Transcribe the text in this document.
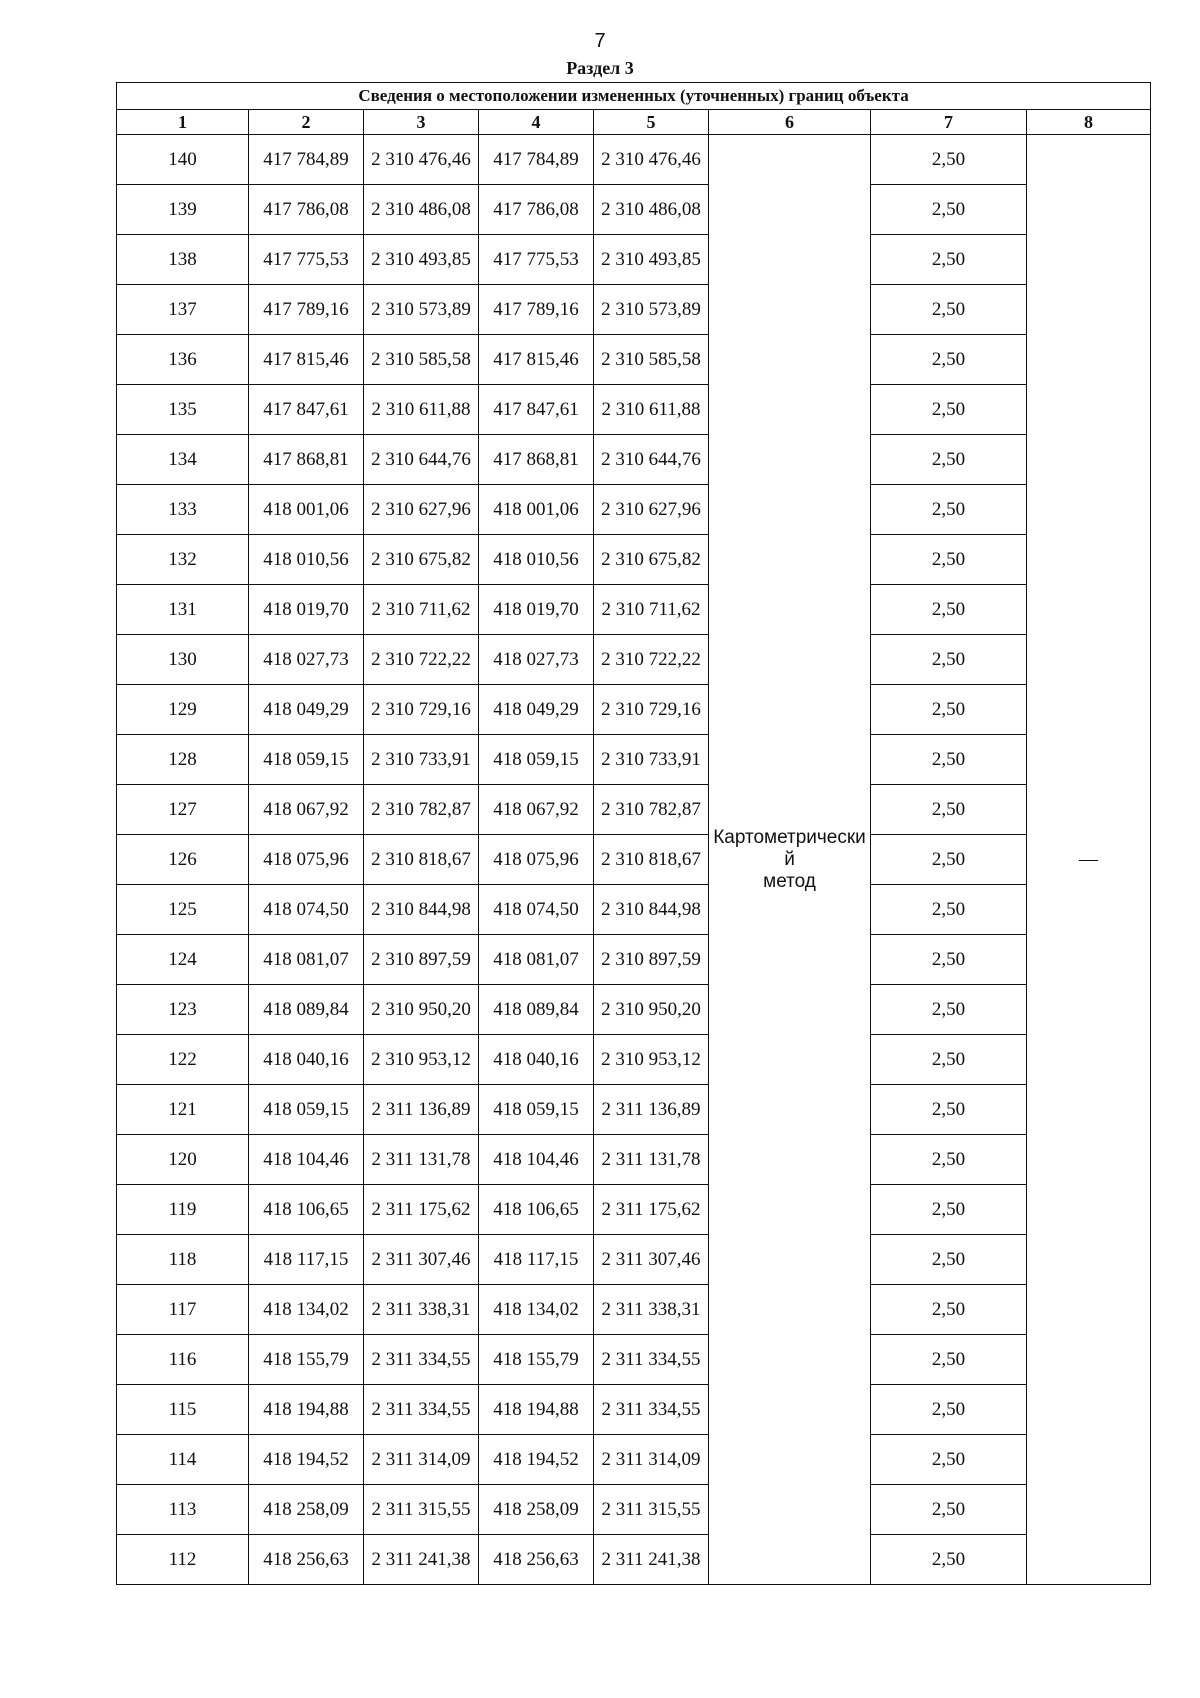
7
Раздел 3
Сведения о местоположении измененных (уточненных) границ объекта							
1	2	3	4	5	6	7	8
140	417 784,89	2 310 476,46	417 784,89	2 310 476,46	Картометрически
й
метод	2,50	—
139	417 786,08	2 310 486,08	417 786,08	2 310 486,08		2,50	
138	417 775,53	2 310 493,85	417 775,53	2 310 493,85		2,50	
137	417 789,16	2 310 573,89	417 789,16	2 310 573,89		2,50	
136	417 815,46	2 310 585,58	417 815,46	2 310 585,58		2,50	
135	417 847,61	2 310 611,88	417 847,61	2 310 611,88		2,50	
134	417 868,81	2 310 644,76	417 868,81	2 310 644,76		2,50	
133	418 001,06	2 310 627,96	418 001,06	2 310 627,96		2,50	
132	418 010,56	2 310 675,82	418 010,56	2 310 675,82		2,50	
131	418 019,70	2 310 711,62	418 019,70	2 310 711,62		2,50	
130	418 027,73	2 310 722,22	418 027,73	2 310 722,22		2,50	
129	418 049,29	2 310 729,16	418 049,29	2 310 729,16		2,50	
128	418 059,15	2 310 733,91	418 059,15	2 310 733,91		2,50	
127	418 067,92	2 310 782,87	418 067,92	2 310 782,87		2,50	
126	418 075,96	2 310 818,67	418 075,96	2 310 818,67		2,50	
125	418 074,50	2 310 844,98	418 074,50	2 310 844,98		2,50	
124	418 081,07	2 310 897,59	418 081,07	2 310 897,59		2,50	
123	418 089,84	2 310 950,20	418 089,84	2 310 950,20		2,50	
122	418 040,16	2 310 953,12	418 040,16	2 310 953,12		2,50	
121	418 059,15	2 311 136,89	418 059,15	2 311 136,89		2,50	
120	418 104,46	2 311 131,78	418 104,46	2 311 131,78		2,50	
119	418 106,65	2 311 175,62	418 106,65	2 311 175,62		2,50	
118	418 117,15	2 311 307,46	418 117,15	2 311 307,46		2,50	
117	418 134,02	2 311 338,31	418 134,02	2 311 338,31		2,50	
116	418 155,79	2 311 334,55	418 155,79	2 311 334,55		2,50	
115	418 194,88	2 311 334,55	418 194,88	2 311 334,55		2,50	
114	418 194,52	2 311 314,09	418 194,52	2 311 314,09		2,50	
113	418 258,09	2 311 315,55	418 258,09	2 311 315,55		2,50	
112	418 256,63	2 311 241,38	418 256,63	2 311 241,38		2,50	
